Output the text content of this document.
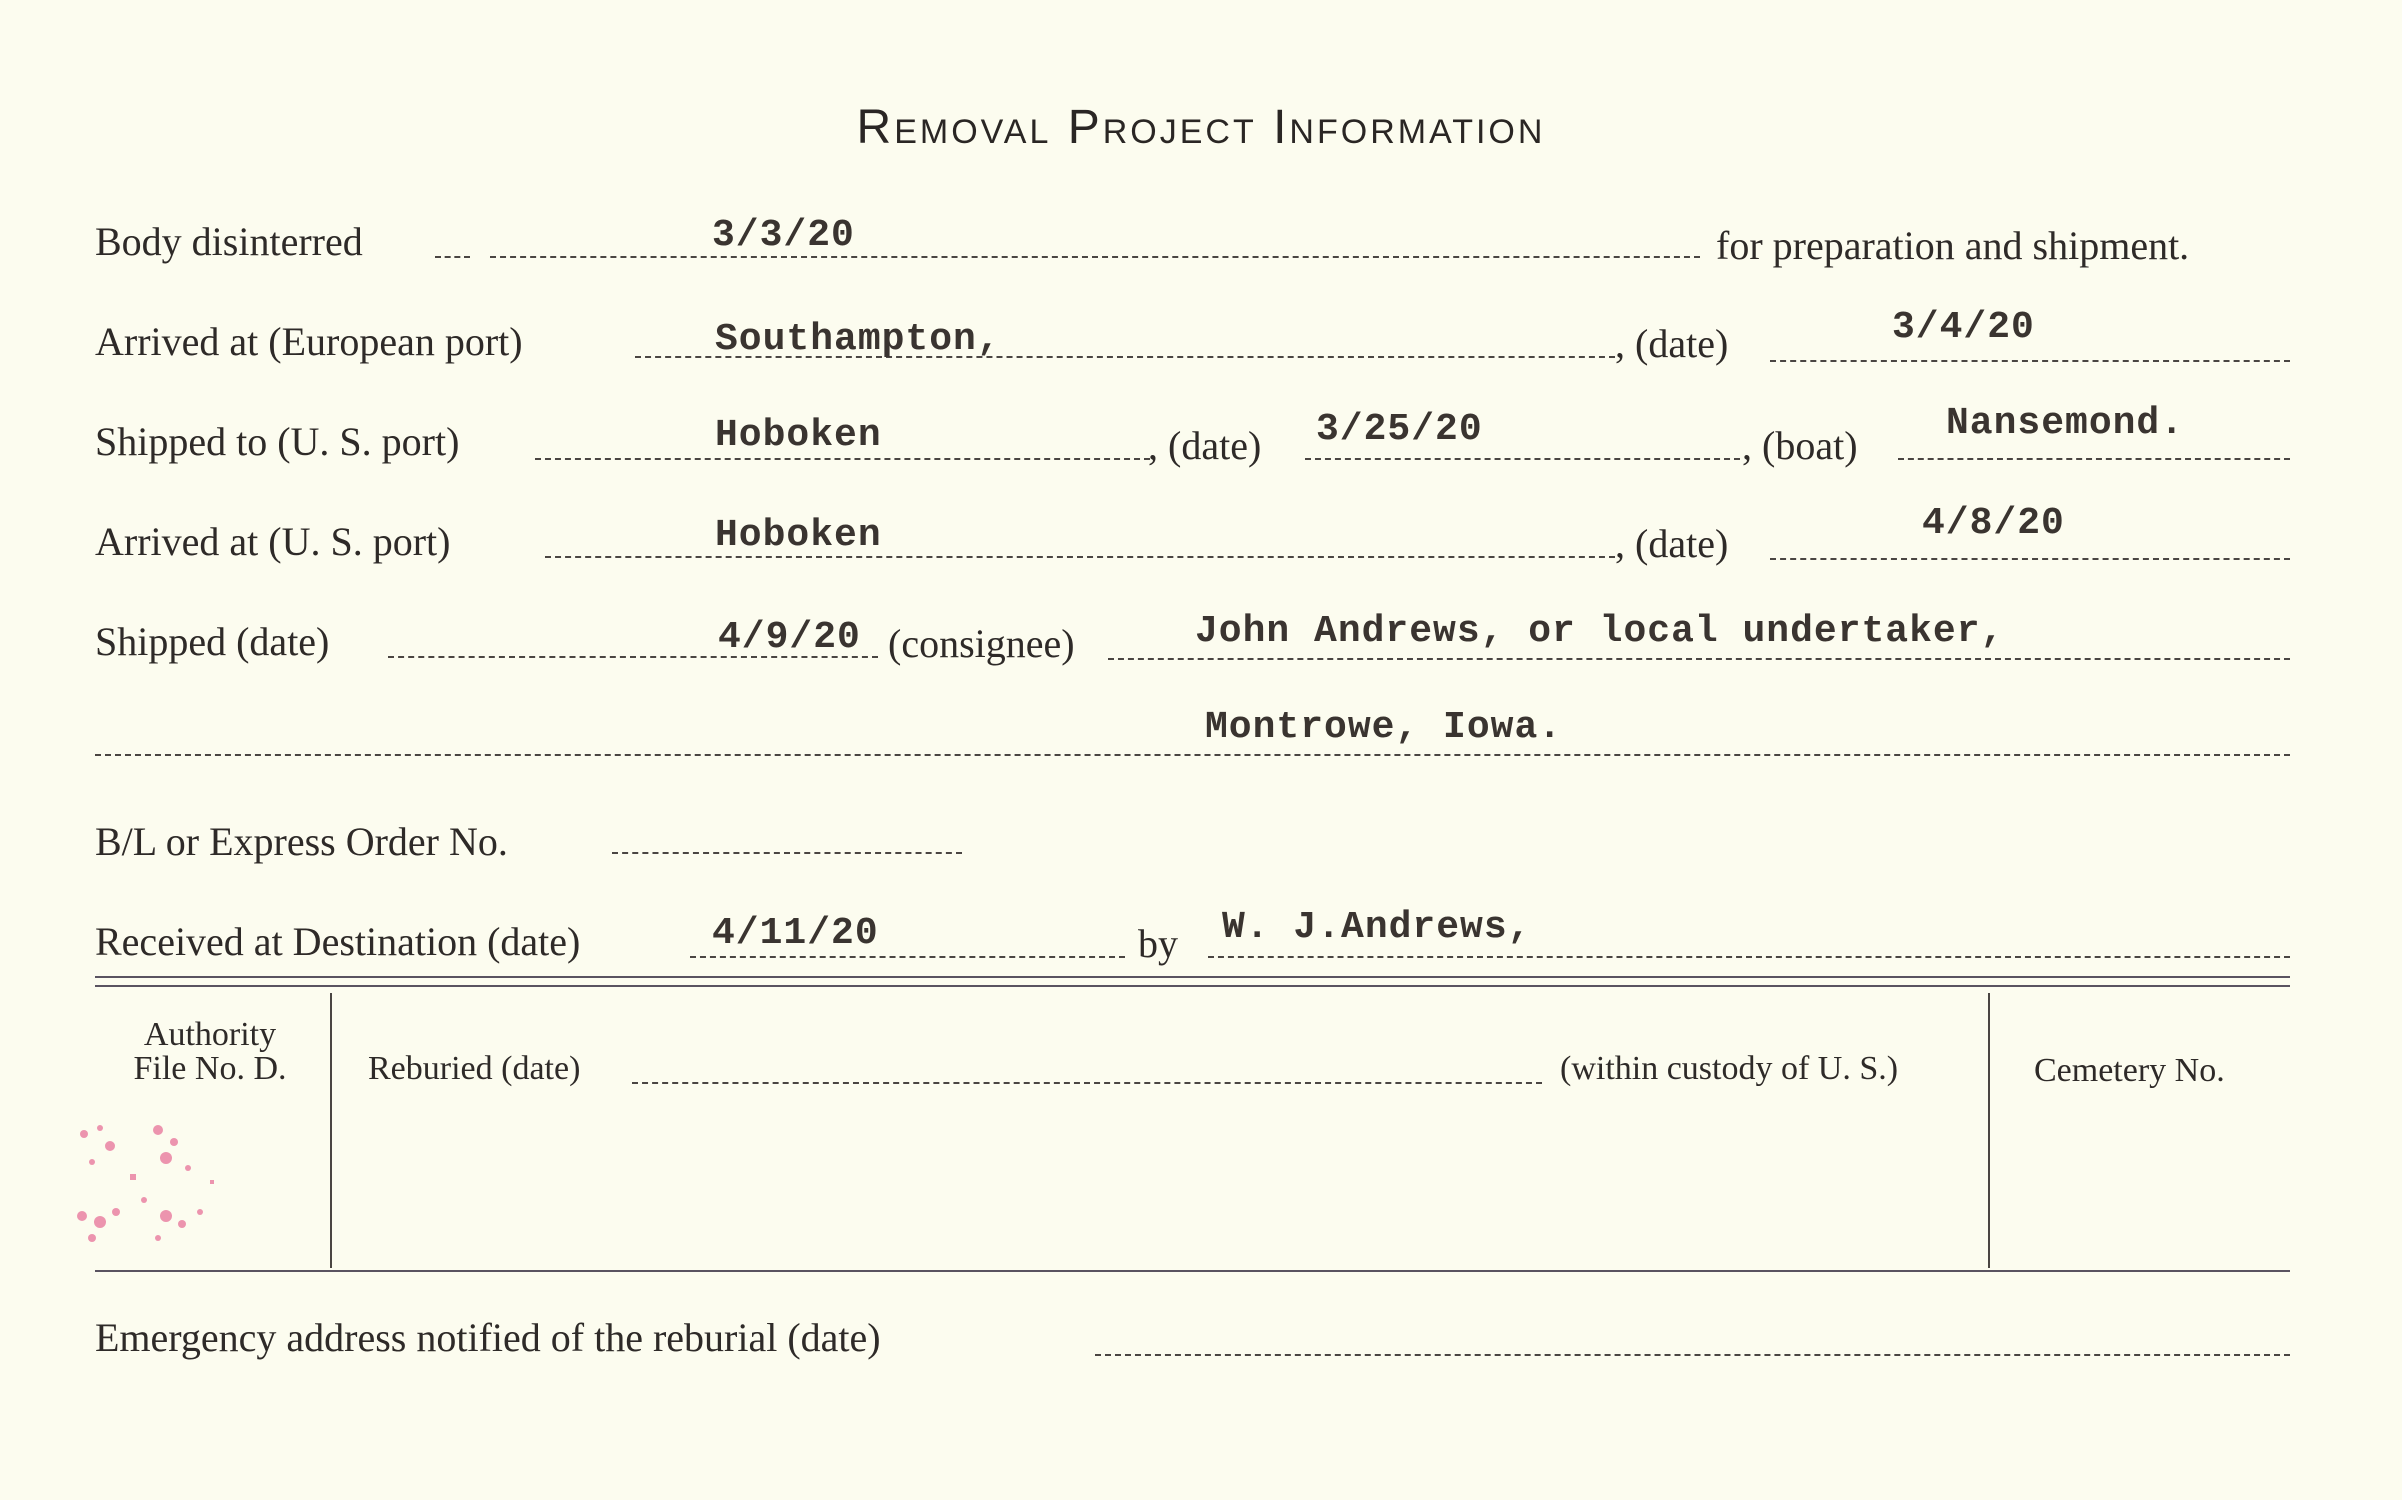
Removal Project Information
Body disinterred	3/3/20	for preparation and shipment.
Arrived at (European port)	Southampton,	, (date)	3/4/20
Shipped to (U. S. port)	Hoboken	, (date) 3/25/20	, (boat) Nansemond.
Arrived at (U. S. port)	Hoboken	, (date)	4/8/20
Shipped (date)	4/9/20 (consignee)	John Andrews, or local undertaker,
Montrowe, Iowa.
B/L or Express Order No.
Received at Destination (date)	4/11/20	by W. J.Andrews,
Authority
File No. D.	Reburied (date)	(within custody of U. S.)	Cemetery No.
Emergency address notified of the reburial (date)
